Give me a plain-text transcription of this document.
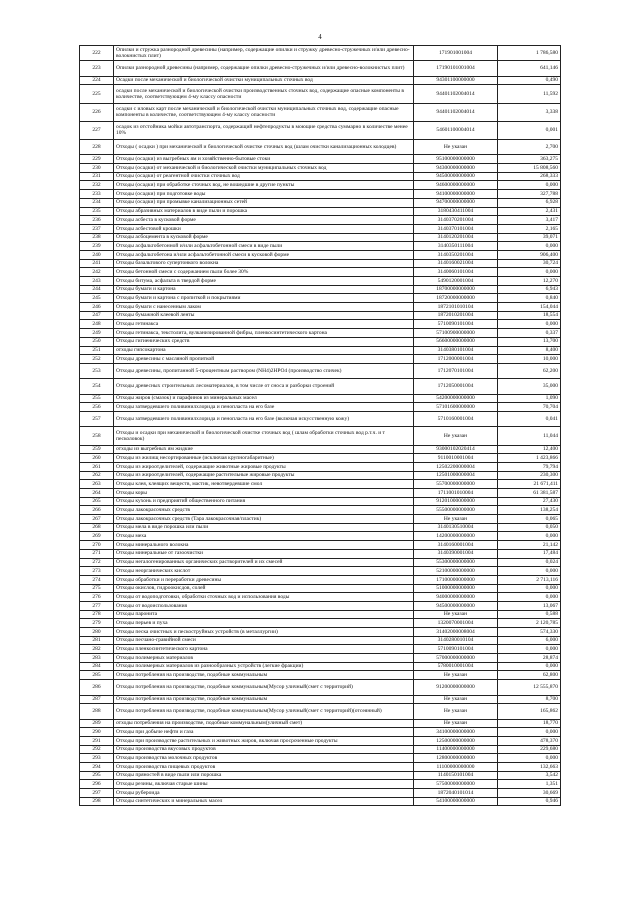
4
222	Опилки и стружка разнородной древесины (например, содержащие опилки и стружку древесно-стружечных и/или древесно-волокнистых плит)	171901001004	1 786,580
223	Опилки разнородной древесины (например, содержащие опилки древесно-стружечных и/или древесно-волокнистых плит)	17190101001004	641,146
224	Осадки после механической и биологической очистки муниципальных сточных вод	94301100000000	0,490
225	осадки после механической и биологической очистки производственных сточных вод, содержащие опасные компоненты в количестве, соответствующем 4-му классу опасности	94401102004014	11,592
226	осадки с иловых карт после механической и биологической очистки муниципальных сточных вод, содержащие опасные компоненты в количестве, соответствующем 4-му классу опасности	94401102004014	3,338
227	осадок из отстойника мойки автотранспорта, содержащий нефтепродукты в моющие средства суммарно в количестве менее 10%	54601100004014	0,001
228	Отходы ( осадки ) при механической и биологической очистке сточных вод (шлам очистки канализационных колодцев)	Не указан	2,700
229	Отходы (осадки) из выгребных ям и хозяйственно-бытовые стоки	95100000000000	363,275
230	Отходы (осадки) от механической и биологической очистки муниципальных сточных вод	94300000000000	15 808,560
231	Отходы (осадки) от реагентной очистки сточных вод	94500000000000	268,333
232	Отходы (осадки) при обработке сточных вод, не вошедшие в другие пункты	94600000000000	0,000
233	Отходы (осадки) при подготовке воды	94100000000000	327,788
234	Отходы (осадки) при промывке канализационных сетей	94700000000000	6,928
235	Отходы абразивных материалов в виде пыли и порошка	3180430411004	2,431
236	Отходы асбеста в кусковой форме	3140370201004	3,417
237	Отходы асбестовой крошки	3140370101004	2,165
238	Отходы асбоцемента в кусковой форме	3140120201004	39,071
239	Отходы асфальтобетонной и/или асфальтобетонной смеси в виде пыли	3140350111004	0,000
240	Отходы асфальтобетона и/или асфальтобетонной смеси в кусковой форме	3140350201004	906,400
241	Отходы базальтового супертонкого волокна	3140160021004	30,724
242	Отходы бетонной смеси с содержанием пыли более 30%	3140060101004	0,000
243	Отходы битума, асфальта в твердой форме	5490120001004	12,270
244	Отходы бумаги и картона	18700000000000	6,943
245	Отходы бумаги и картона с пропиткой и покрытиями	18720000000000	0,840
246	Отходы бумаги с нанесенным лаком	1872101010104	154,044
247	Отходы бумажной клеевой ленты	1872010201004	18,554
248	Отходы гетинакса	5710090101004	0,000
249	Отходы гетинакса, текстолита, вулканизированной фибры, пленкосинтетического картона	57100900000000	0,337
250	Отходы гигиенических средств	56600000000000	13,700
251	отходы гипсокартона	3140380101004	8,400
252	Отходы древесины с масляной пропиткой	1712000001004	10,000
253	Отходы древесины, пропитанной 5-процентным раствором (NH4)2HPO4 (производство спичек)	1712070101004	62,200
254	Отходы древесных строительных лесоматериалов, в том числе от сноса и разборки строений	1712050001004	35,000
255	Отходы жиров (смазок) и парафинов из минеральных масел	54200000000000	1,090
256	Отходы затвердевшего поливинилхлорида и пенопласта на его базе	57101600000000	70,704
257	Отходы затвердевшего поливинилхлорида и пенопласта на его базе (включая искусственную кожу)	5710160001004	0,041
258	Отходы и осадки при механической и биологической очистке сточных вод ( шлам обработки сточных вод р.т.ч. и т песколовок)	Не указан	11,044
259	отходы из выгребных ям жидкие	93000102020414	12,400
260	Отходы из жилищ несортированные (исключая крупногабаритные)	9110010001004	1 423,866
261	Отходы из жироотделителей, содержащие животные жировые продукты	12502200000004	79,794
262	Отходы из жироотделителей, содержащие растительные жировые продукты	12501000000004	230,300
263	Отходы клея, клеящих веществ, мастик, невотвердевшие смол	55700000000000	21 671,411
264	Отходы коры	1711001010004	61 381,587
265	Отходы кухонь и предприятий общественного питания	91201000000000	27,430
266	Отходы лакокрасочных средств	55500000000000	138,254
267	Отходы лакокрасочных средств (Тара лакокрасочная/пластик)	Не указан	0,065
268	Отходы мела в виде порошка или пыли	3140130510004	0,050
269	Отходы меха	14200000000000	0,000
270	Отходы минерального волокна	3140160001004	21,142
271	Отходы минеральные от газоочистки	3140390001004	17,484
272	Отходы негалогенированных органических растворителей и их смесей	55300000000000	0,024
273	Отходы неорганических кислот	52100000000000	0,000
274	Отходы обработки и переработки древесины	17100000000000	2 713,116
275	Отходы окислов, гидроокисдов, солей	51000000000000	0,000
276	Отходы от водоподготовки, обработки сточных вод и использования воды	94000000000000	0,000
277	Отходы от водоиспользования	94500000000000	13,067
278	Отходы паронита	Не указан	0,588
279	Отходы перьев и пуха	1320070001004	2 120,785
280	Отходы песка очистных и пескоструйных устройств (в металлургии)	31402000008004	574,330
281	Отходы песчано-гравийной смеси	3140280010104	6,000
282	Отходы пленкосинтетического картона	5710090101004	0,000
283	Отходы полимерных материалов	57000000000000	28,874
284	Отходы полимерных материалов из разнообразных устройств (легкие фракции)	5780010001004	0,000
285	Отходы потребления на производстве, подобные коммунальным	Не указан	62,800
286	Отходы потребления на производстве, подобные коммунальным(Мусор уличный(смет с территорий)	91200000000000	12 555,870
287	Отходы потребления на производстве, подобные коммунальным	Не указан	8,700
288	Отходы потребления на производстве, подобные коммунальным(Мусор уличный(смет с территорий)(отсеянный)	Не указан	165,862
289	отходы потребления на производстве, подобные коммунальным(уличный смет)	Не указан	18,770
290	Отходы при добыче нефти и газа	34100000000000	0,000
291	Отходы при производстве растительных и животных жиров, включая просроченные продукты	12500000000000	478,370
292	Отходы производства вкусовых продуктов	11400000000000	229,680
293	Отходы производства молочных продуктов	12800000000000	0,000
294	Отходы производства пищевых продуктов	11100000000000	132,663
295	Отходы пряностей в виде пыли или порошка	1140150101004	3,542
296	Отходы резины, включая старые шины	57500000000000	1,351
297	Отходы рубероида	1872040101014	30,669
298	Отходы синтетических и минеральных масел	54100000000000	0,946
